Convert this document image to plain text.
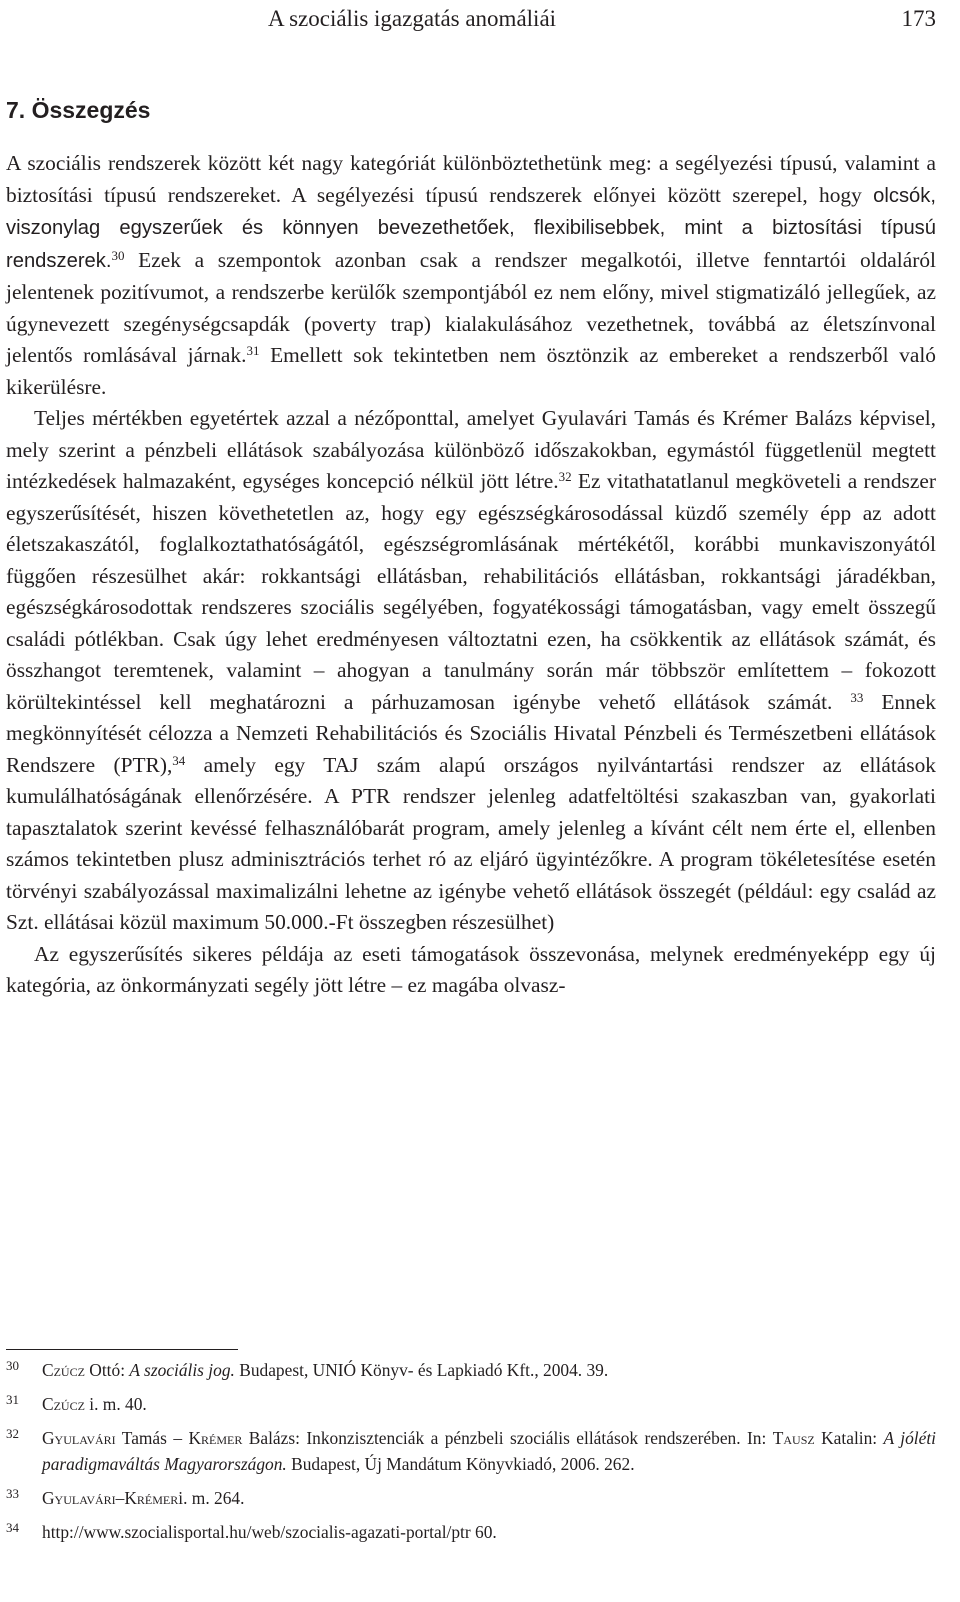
A szociális igazgatás anomáliái	173
7. Összegzés

A szociális rendszerek között két nagy kategóriát különböztethetünk meg: a segélyezési típusú, valamint a biztosítási típusú rendszereket. A segélyezési típusú rendszerek előnyei között szerepel, hogy olcsók, viszonylag egyszerűek és könnyen bevezethetőek, flexibilisebbek, mint a biztosítási típusú rendszerek.$^{30}$ Ezek a szempontok azonban csak a rendszer megalkotói, illetve fenntartói oldaláról jelentenek pozitívumot, a rendszerbe kerülők szempontjából ez nem előny, mivel stigmatizáló jellegűek, az úgynevezett szegénységcsapdák (poverty trap) kialakulásához vezethetnek, továbbá az életszínvonal jelentős romlásával járnak.$^{31}$ Emellett sok tekintetben nem ösztönzik az embereket a rendszerből való kikerülésre.

Teljes mértékben egyetértek azzal a nézőponttal, amelyet Gyulavári Tamás és Krémer Balázs képvisel, mely szerint a pénzbeli ellátások szabályozása különböző időszakokban, egymástól függetlenül megtett intézkedések halmazaként, egységes koncepció nélkül jött létre.$^{32}$ Ez vitathatatlanul megköveteli a rendszer egyszerűsítését, hiszen követhetetlen az, hogy egy egészségkárosodással küzdő személy épp az adott életszakaszától, foglalkoztathatóságától, egészségromlásának mértékétől, korábbi munkaviszonyától függően részesülhet akár: rokkantsági ellátásban, rehabilitációs ellátásban, rokkantsági járadékban, egészségkárosodottak rendszeres szociális segélyében, fogyatékossági támogatásban, vagy emelt összegű családi pótlékban. Csak úgy lehet eredményesen változtatni ezen, ha csökkentik az ellátások számát, és összhangot teremtenek, valamint – ahogyan a tanulmány során már többször említettem – fokozott körültekintéssel kell meghatározni a párhuzamosan igénybe vehető ellátások számát. $^{33}$ Ennek megkönnyítését célozza a Nemzeti Rehabilitációs és Szociális Hivatal Pénzbeli és Természetbeni ellátások Rendszere (PTR),$^{34}$ amely egy TAJ szám alapú országos nyilvántartási rendszer az ellátások kumulálhatóságának ellenőrzésére. A PTR rendszer jelenleg adatfeltöltési szakaszban van, gyakorlati tapasztalatok szerint kevéssé felhasználóbarát program, amely jelenleg a kívánt célt nem érte el, ellenben számos tekintetben plusz adminisztrációs terhet ró az eljáró ügyintézőkre. A program tökéletesítése esetén törvényi szabályozással maximalizálni lehetne az igénybe vehető ellátások összegét (például: egy család az Szt. ellátásai közül maximum 50.000.-Ft összegben részesülhet)

Az egyszerűsítés sikeres példája az eseti támogatások összevonása, melynek eredményeképp egy új kategória, az önkormányzati segély jött létre – ez magába olvasz-

30 Czúcz Ottó: A szociális jog. Budapest, UNIÓ Könyv- és Lapkiadó Kft., 2004. 39.
31 Czúcz i. m. 40.
32 Gyulavári Tamás – Krémer Balázs: Inkonzisztenciák a pénzbeli szociális ellátások rendszerében. In: Tausz Katalin: A jóléti paradigmaváltás Magyarországon. Budapest, Új Mandátum Könyvkiadó, 2006. 262.
33 Gyulavári–Krémeri. m. 264.
34 http://www.szocialisportal.hu/web/szocialis-agazati-portal/ptr 60.
